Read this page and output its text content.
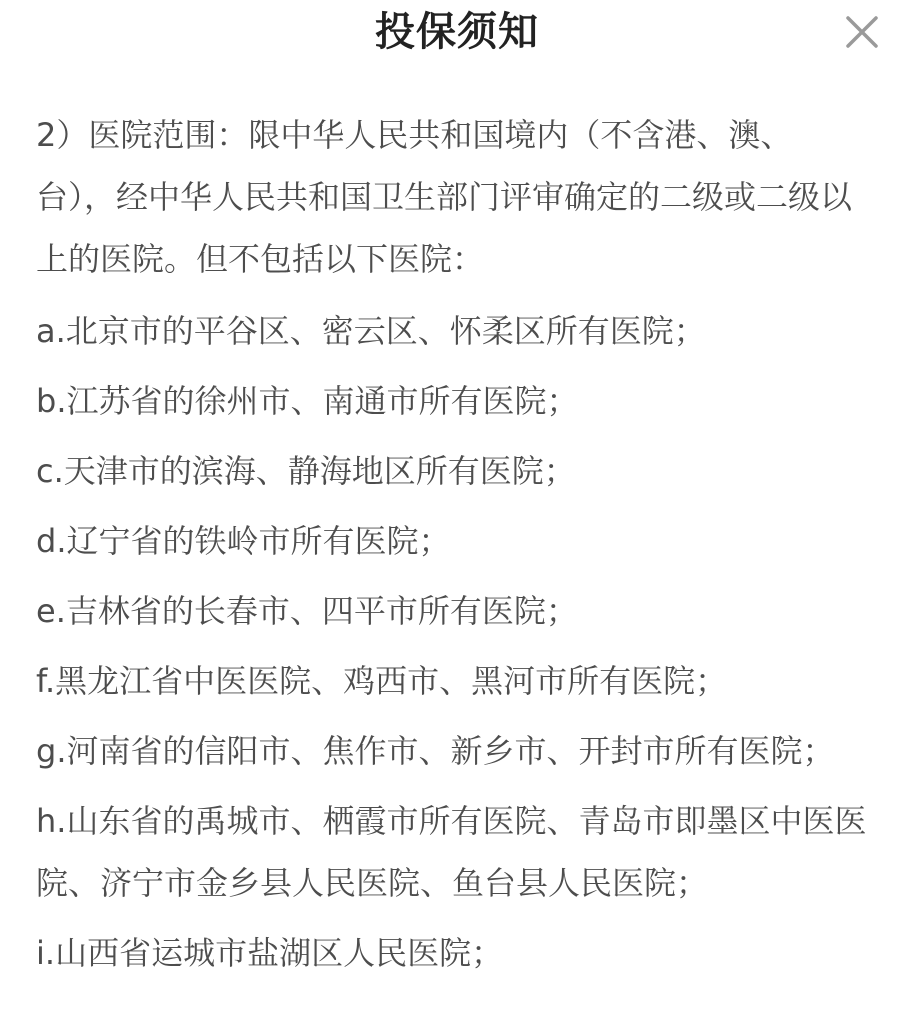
投保须知

2）医院范围：限中华人民共和国境内（不含港、澳、台），经中华人民共和国卫生部门评审确定的二级或二级以上的医院。但不包括以下医院：

a.北京市的平谷区、密云区、怀柔区所有医院；

b.江苏省的徐州市、南通市所有医院；

c.天津市的滨海、静海地区所有医院；

d.辽宁省的铁岭市所有医院；

e.吉林省的长春市、四平市所有医院；

f.黑龙江省中医医院、鸡西市、黑河市所有医院；

g.河南省的信阳市、焦作市、新乡市、开封市所有医院；

h.山东省的禹城市、栖霞市所有医院、青岛市即墨区中医医院、济宁市金乡县人民医院、鱼台县人民医院；

i.山西省运城市盐湖区人民医院；
